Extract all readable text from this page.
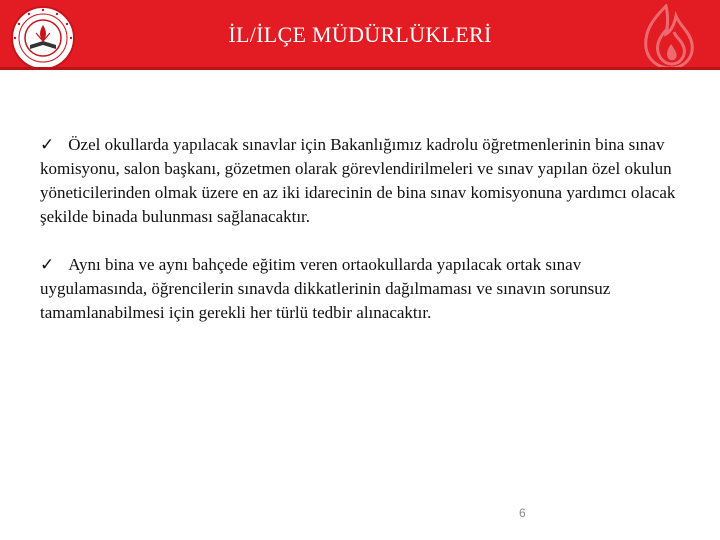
İL/İLÇE MÜDÜRLÜKLERİ

✓ Özel okullarda yapılacak sınavlar için Bakanlığımız kadrolu öğretmenlerinin bina sınav komisyonu, salon başkanı, gözetmen olarak görevlendirilmeleri ve sınav yapılan özel okulun yöneticilerinden olmak üzere en az iki idarecinin de bina sınav komisyonuna yardımcı olacak şekilde binada bulunması sağlanacaktır.

✓ Aynı bina ve aynı bahçede eğitim veren ortaokullarda yapılacak ortak sınav uygulamasında, öğrencilerin sınavda dikkatlerinin dağılmaması ve sınavın sorunsuz tamamlanabilmesi için gerekli her türlü tedbir alınacaktır.

6
